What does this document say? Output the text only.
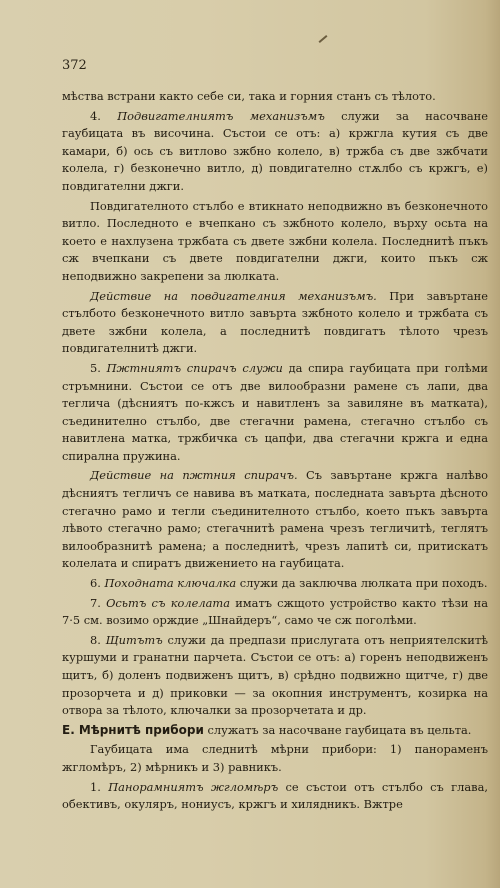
372

мѣства встрани както себе си, така и горния станъ съ тѣлото.

4. Подвигателниятъ механизъмъ служи за насочване гаубицата въ височина. Състои се отъ: а) кржгла кутия съ две камари, б) ось съ витлово зжбно колело, в) тржба съ две зжбчати колела, г) безконечно витло, д) повдигателно стѫлбо съ кржгъ, е) повдигателни джги.

Повдигателното стълбо е втикнато неподвижно въ безконечното витло. Последното е вчепкано съ зжбното колело, върху осьта на което е нахлузена тржбата съ двете зжбни колела. Последнитѣ пъкъ сж вчепкани съ двете повдигателни джги, които пъкъ сж неподвижно закрепени за люлката.

Действие на повдигателния механизъмъ. При завъртане стълбото безконечното витло завърта зжбното колело и тржбата съ двете зжбни колела, а последнитѣ повдигатъ тѣлото чрезъ повдигателнитѣ джги.

5. Пжтниятъ спирачъ служи да спира гаубицата при голѣми стръмнини. Състои се отъ две вилообразни рамене съ лапи, два теглича (дѣсниятъ по-кжсъ и навитленъ за завиляне въ матката), съединително стълбо, две стегачни рамена, стегачно стълбо съ навитлена матка, тржбичка съ цапфи, два стегачни кржга и една спирална пружина.

Действие на пжтния спирачъ. Съ завъртане кржга налѣво дѣсниятъ тегличъ се навива въ матката, последната завърта дѣсното стегачно рамо и тегли съединителното стълбо, което пъкъ завърта лѣвото стегачно рамо; стегачнитѣ рамена чрезъ тегличитѣ, теглятъ вилообразнитѣ рамена; а последнитѣ, чрезъ лапитѣ си, притискатъ колелата и спиратъ движението на гаубицата.

6. Походната ключалка служи да заключва люлката при походъ.

7. Осьтъ съ колелата иматъ сжщото устройство както тѣзи на 7·5 см. возимо орждие „Шнайдеръ“, само че сж поголѣми.

8. Щитътъ служи да предпази прислугата отъ неприятелскитѣ куршуми и гранатни парчета. Състои се отъ: а) горенъ неподвиженъ щитъ, б) доленъ подвиженъ щитъ, в) срѣдно подвижно щитче, г) две прозорчета и д) приковки — за окопния инструментъ, козирка на отвора за тѣлото, ключалки за прозорчетата и др.

Е. Мѣрнитѣ прибори служатъ за насочване гаубицата въ цельта.

Гаубицата има следнитѣ мѣрни прибори: 1) панораменъ жгломѣръ, 2) мѣрникъ и 3) равникъ.

1. Панорамниятъ жгломѣръ се състои отъ стълбо съ глава, обективъ, окуляръ, нониусъ, кржгъ и хилядникъ. Вжтре
